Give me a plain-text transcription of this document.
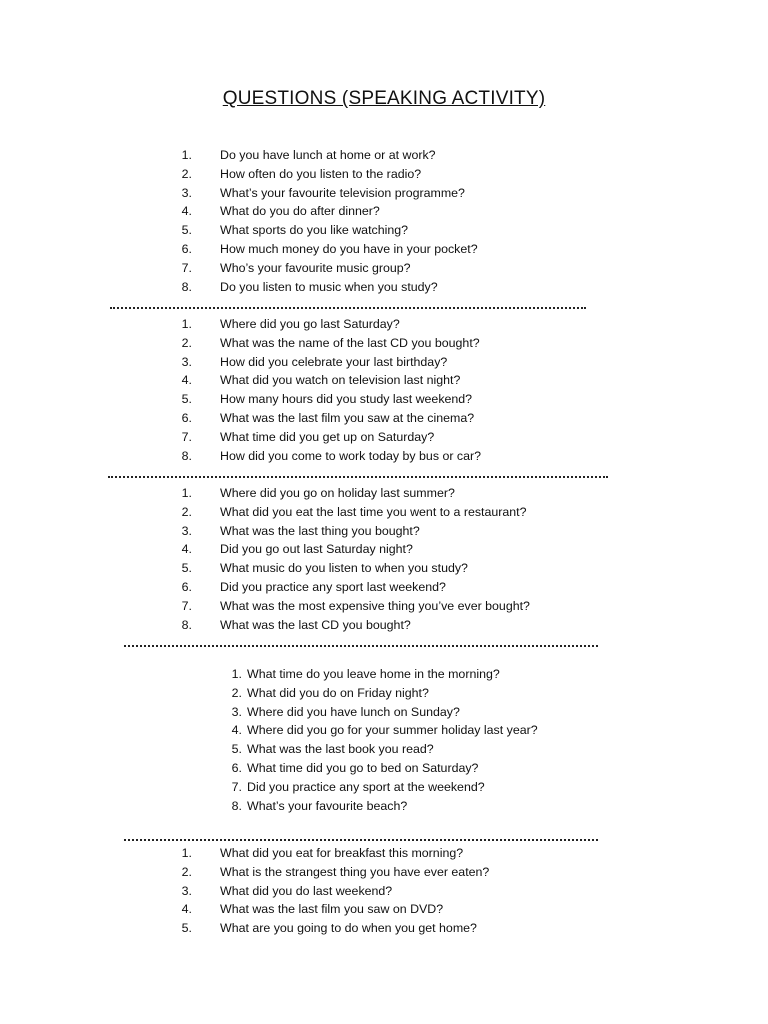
QUESTIONS (SPEAKING ACTIVITY)
1. Do you have lunch at home or at work?
2. How often do you listen to the radio?
3. What’s your favourite television programme?
4. What do you do after dinner?
5. What sports do you like watching?
6. How much money do you have in your pocket?
7. Who’s your favourite music group?
8. Do you listen to music when you study?
1. Where did you go last Saturday?
2. What was the name of the last CD you bought?
3. How did you celebrate your last birthday?
4. What did you watch on television last night?
5. How many hours did you study last weekend?
6. What was the last film you saw at the cinema?
7. What time did you get up on Saturday?
8. How did you come to work today by bus or car?
1. Where did you go on holiday last summer?
2. What did you eat the last time you went to a restaurant?
3. What was the last thing you bought?
4. Did you go out last Saturday night?
5. What music do you listen to when you study?
6. Did you practice any sport last weekend?
7. What was the most expensive thing you’ve ever bought?
8. What was the last CD you bought?
1. What time do you leave home in the morning?
2. What did you do on Friday night?
3. Where did you have lunch on Sunday?
4. Where did you go for your summer holiday last year?
5. What was the last book you read?
6. What time did you go to bed on Saturday?
7. Did you practice any sport at the weekend?
8. What’s your favourite beach?
1. What did you eat for breakfast this morning?
2. What is the strangest thing you have ever eaten?
3. What did you do last weekend?
4. What was the last film you saw on DVD?
5. What are you going to do when you get home?
